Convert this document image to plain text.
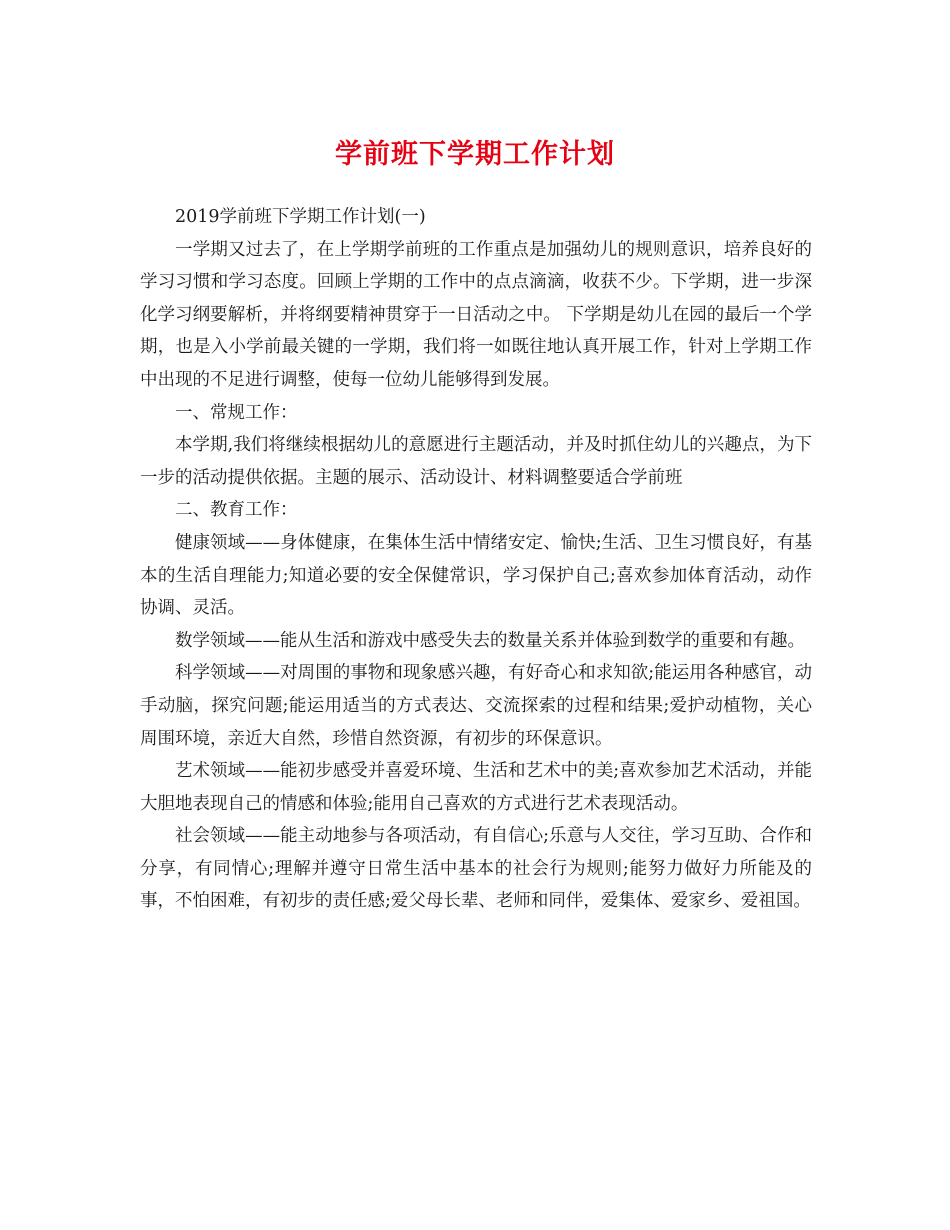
学前班下学期工作计划

2019学前班下学期工作计划(一)

一学期又过去了，在上学期学前班的工作重点是加强幼儿的规则意识，培养良好的学习习惯和学习态度。回顾上学期的工作中的点点滴滴，收获不少。下学期，进一步深化学习纲要解析，并将纲要精神贯穿于一日活动之中。 下学期是幼儿在园的最后一个学期，也是入小学前最关键的一学期，我们将一如既往地认真开展工作，针对上学期工作中出现的不足进行调整，使每一位幼儿能够得到发展。

一、常规工作：

本学期,我们将继续根据幼儿的意愿进行主题活动，并及时抓住幼儿的兴趣点，为下一步的活动提供依据。主题的展示、活动设计、材料调整要适合学前班

二、教育工作：

健康领域——身体健康，在集体生活中情绪安定、愉快;生活、卫生习惯良好，有基本的生活自理能力;知道必要的安全保健常识，学习保护自己;喜欢参加体育活动，动作协调、灵活。

数学领域——能从生活和游戏中感受失去的数量关系并体验到数学的重要和有趣。

科学领域——对周围的事物和现象感兴趣，有好奇心和求知欲;能运用各种感官，动手动脑，探究问题;能运用适当的方式表达、交流探索的过程和结果;爱护动植物，关心周围环境，亲近大自然，珍惜自然资源，有初步的环保意识。

艺术领域——能初步感受并喜爱环境、生活和艺术中的美;喜欢参加艺术活动，并能大胆地表现自己的情感和体验;能用自己喜欢的方式进行艺术表现活动。

社会领域——能主动地参与各项活动，有自信心;乐意与人交往，学习互助、合作和分享，有同情心;理解并遵守日常生活中基本的社会行为规则;能努力做好力所能及的事，不怕困难，有初步的责任感;爱父母长辈、老师和同伴，爱集体、爱家乡、爱祖国。
